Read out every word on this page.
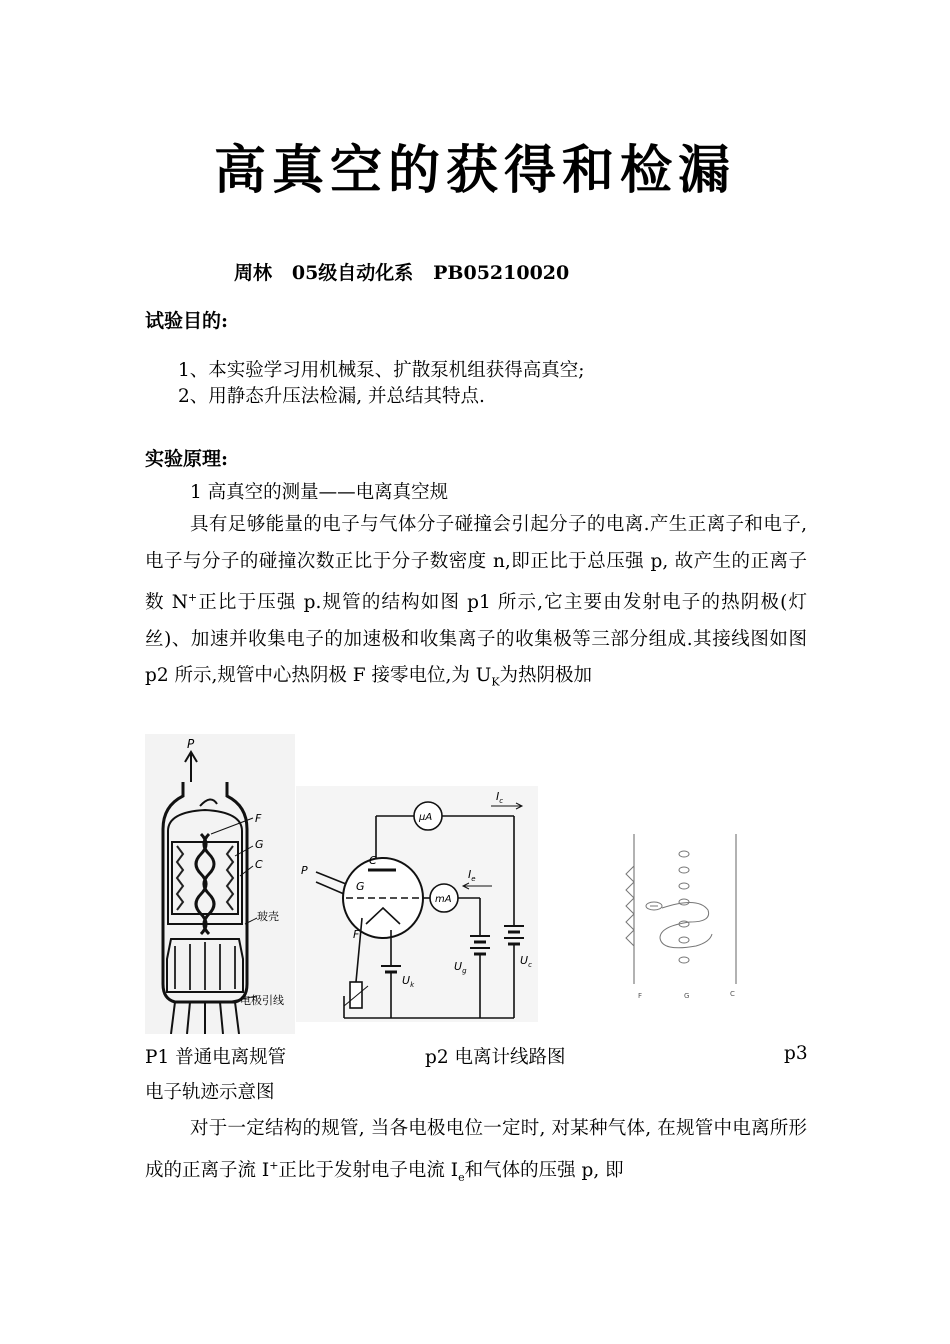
高真空的获得和检漏
周林   05级自动化系   PB05210020
试验目的:
1、本实验学习用机械泵、扩散泵机组获得高真空;
2、用静态升压法检漏, 并总结其特点.
实验原理:
1 高真空的测量——电离真空规
具有足够能量的电子与气体分子碰撞会引起分子的电离.产生正离子和电子, 电子与分子的碰撞次数正比于分子数密度 n,即正比于总压强 p, 故产生的正离子数 N+正比于压强 p.规管的结构如图 p1 所示,它主要由发射电子的热阴极(灯丝)、加速并收集电子的加速极和收集离子的收集极等三部分组成.其接线图如图 p2 所示,规管中心热阴极 F 接零电位,为 $U_K$为热阴极加
P
F
G
C
玻壳
电极引线
μA
$I_c$
C
G
F
P
mA
$I_e$
$U_g$
$U_c$
$U_k$
F	G	C
P1 普通电离规管	p2 电离计线路图	p3
电子轨迹示意图
对于一定结构的规管, 当各电极电位一定时, 对某种气体, 在规管中电离所形成的正离子流 I+正比于发射电子电流 $I_e$和气体的压强 p, 即
